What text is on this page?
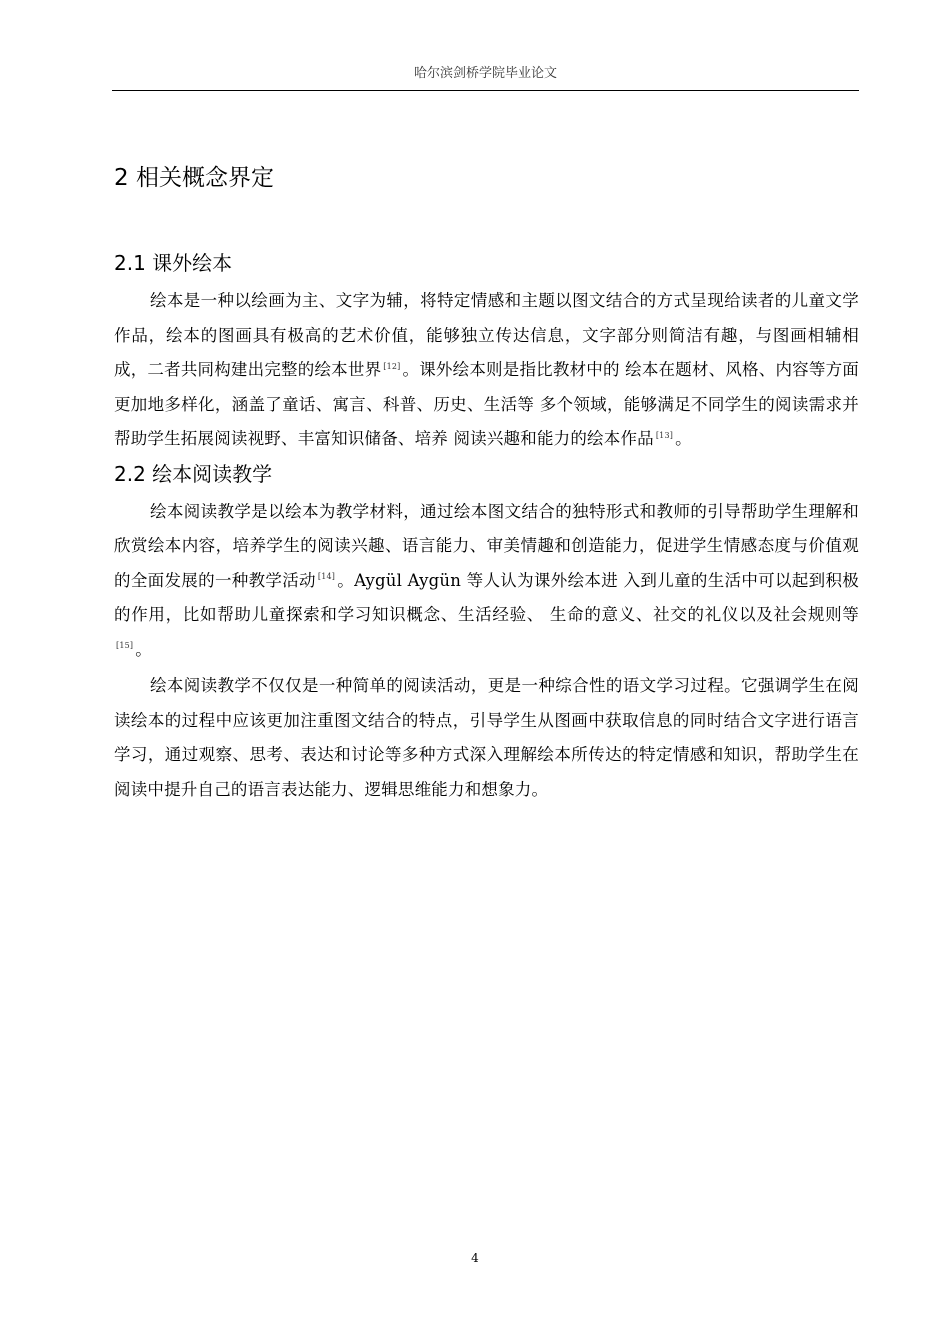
哈尔滨剑桥学院毕业论文
2 相关概念界定
2.1 课外绘本

绘本是一种以绘画为主、文字为辅，将特定情感和主题以图文结合的方式呈现给读者的儿童文学作品，绘本的图画具有极高的艺术价值，能够独立传达信息，文字部分则简洁有趣，与图画相辅相成，二者共同构建出完整的绘本世界 [12] 。课外绘本则是指比教材中的 绘本在题材、风格、内容等方面更加地多样化，涵盖了童话、寓言、科普、历史、生活等 多个领域，能够满足不同学生的阅读需求并帮助学生拓展阅读视野、丰富知识储备、培养 阅读兴趣和能力的绘本作品 [13] 。

2.2 绘本阅读教学

绘本阅读教学是以绘本为教学材料，通过绘本图文结合的独特形式和教师的引导帮助学生理解和欣赏绘本内容，培养学生的阅读兴趣、语言能力、审美情趣和创造能力，促进学生情感态度与价值观的全面发展的一种教学活动 [14] 。Aygül Aygün 等人认为课外绘本进 入到儿童的生活中可以起到积极的作用，比如帮助儿童探索和学习知识概念、生活经验、 生命的意义、社交的礼仪以及社会规则等[15] 。

绘本阅读教学不仅仅是一种简单的阅读活动，更是一种综合性的语文学习过程。它强调学生在阅读绘本的过程中应该更加注重图文结合的特点，引导学生从图画中获取信息的同时结合文字进行语言学习，通过观察、思考、表达和讨论等多种方式深入理解绘本所传达的特定情感和知识，帮助学生在阅读中提升自己的语言表达能力、逻辑思维能力和想象力。

4
